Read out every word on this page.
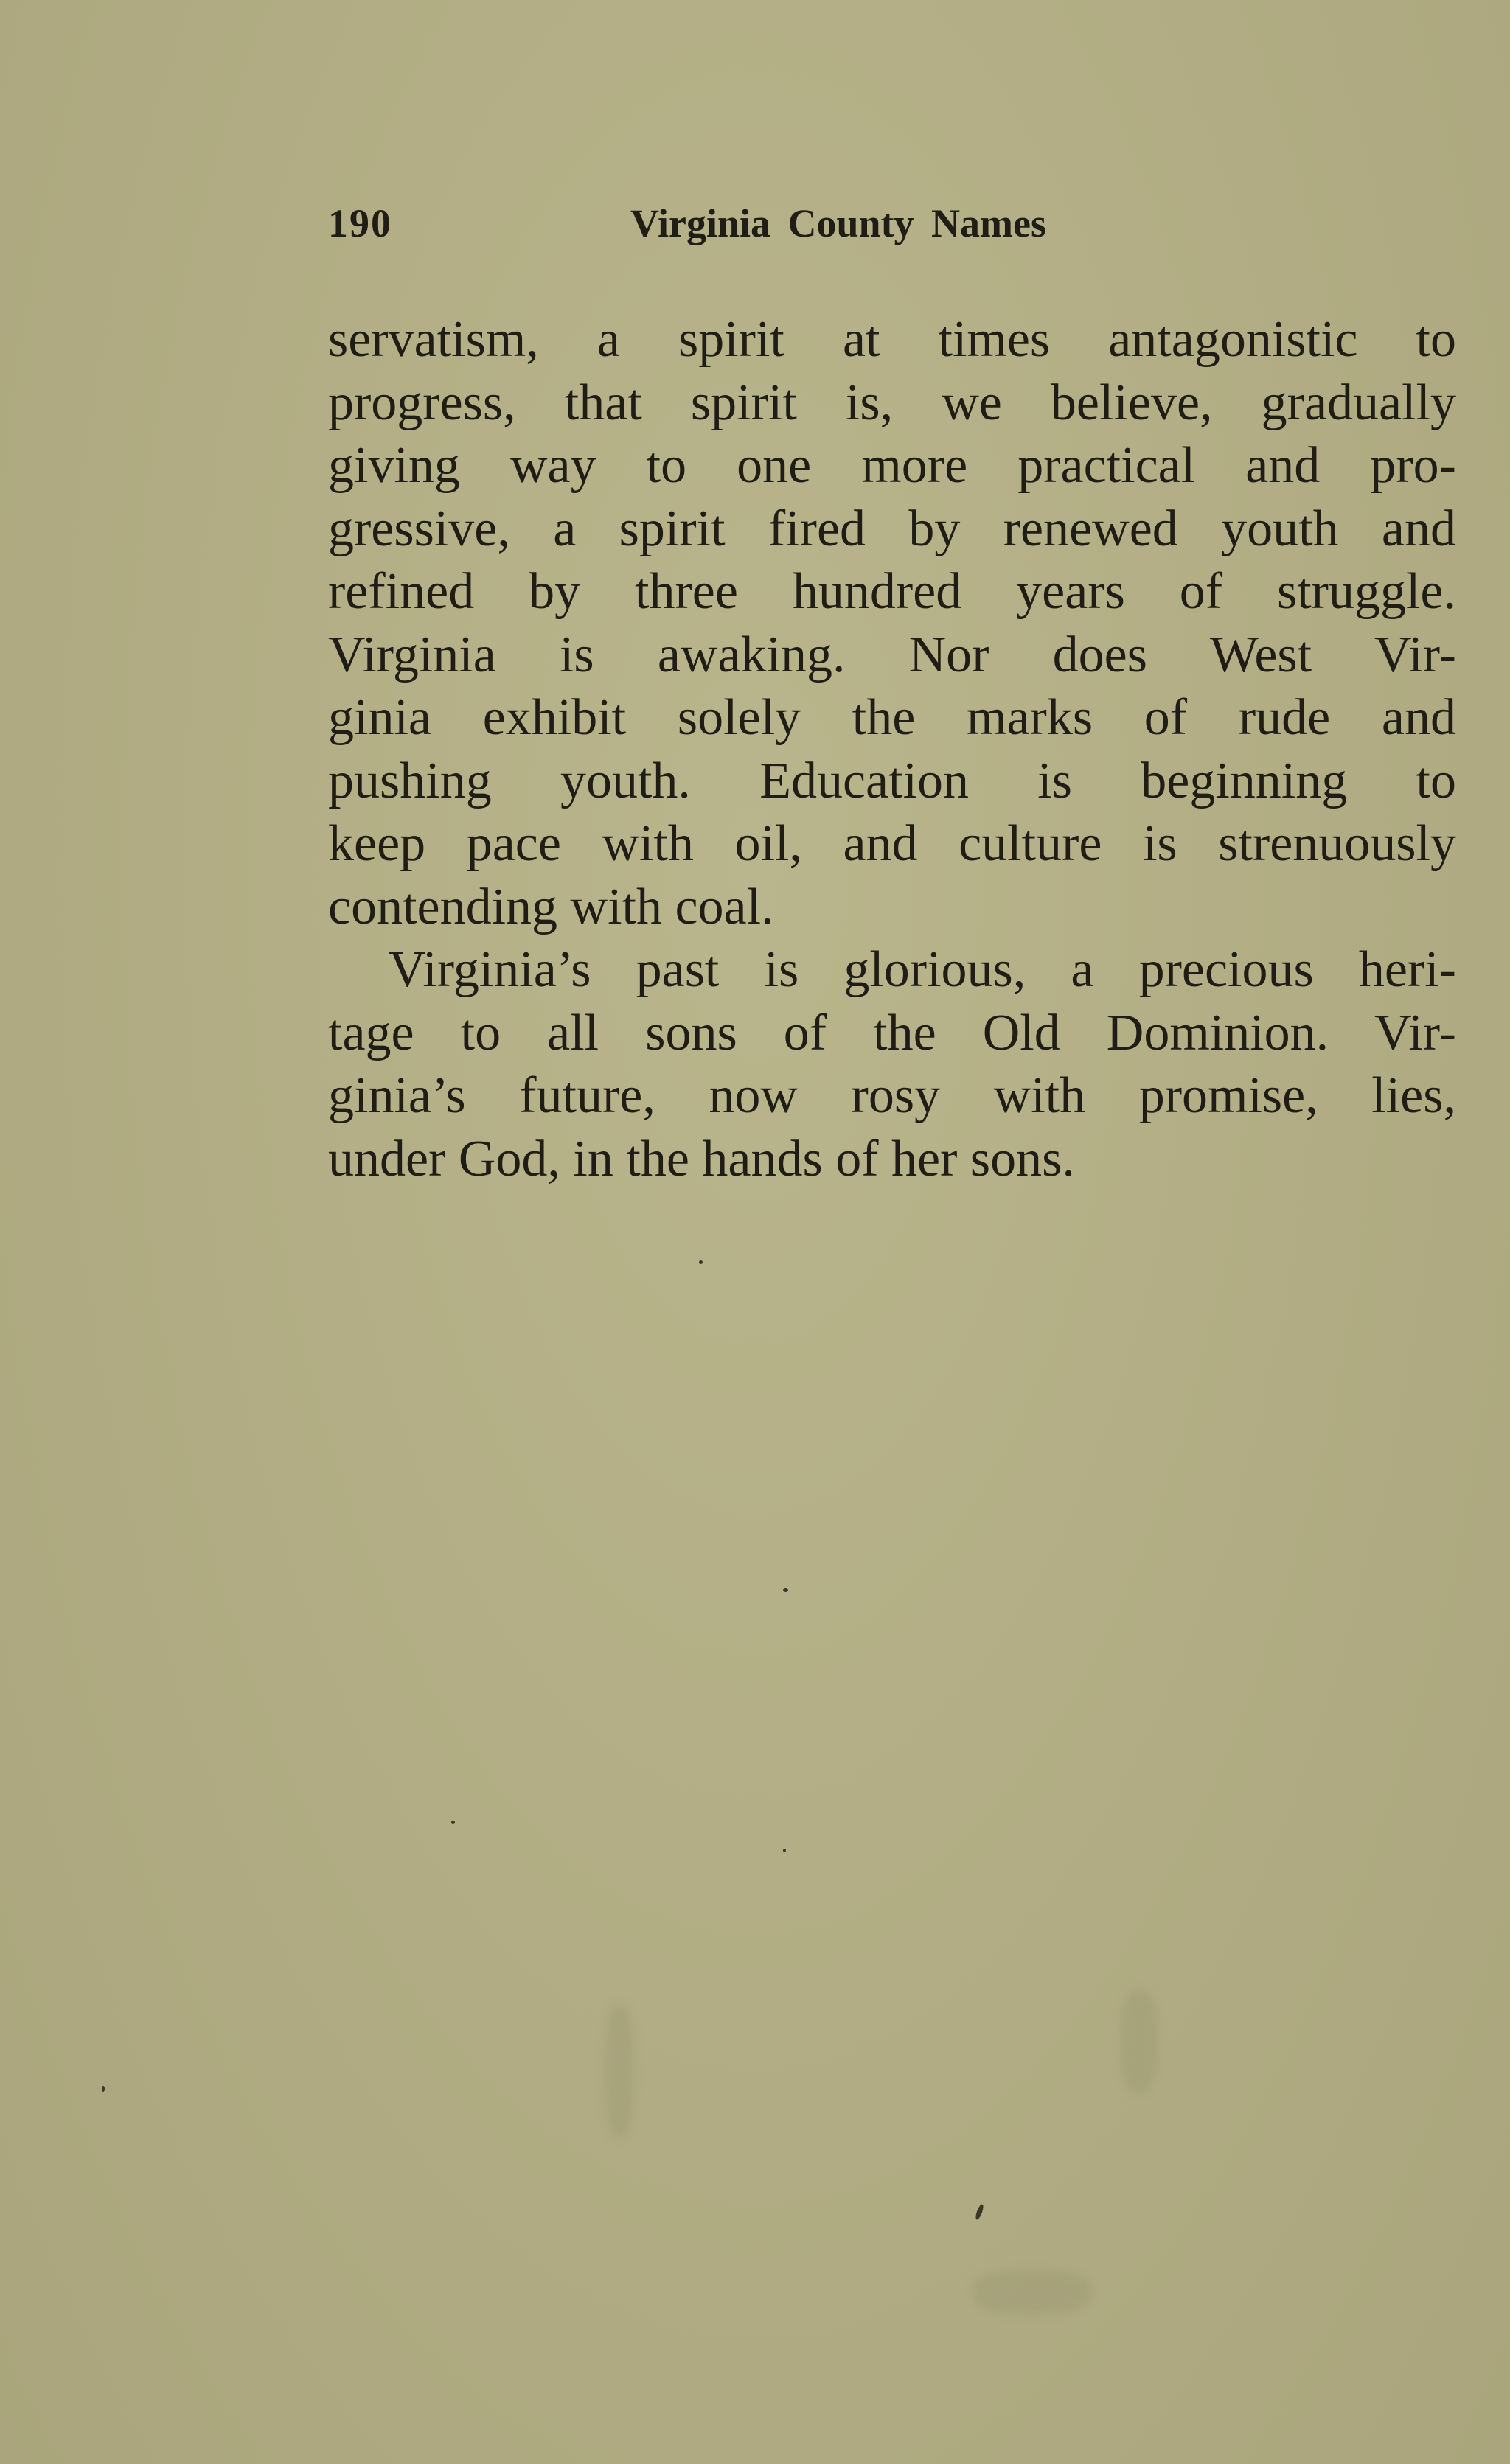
190	Virginia County Names
servatism, a spirit at times antagonistic to
progress, that spirit is, we believe, gradually
giving way to one more practical and pro-
gressive, a spirit fired by renewed youth and
refined by three hundred years of struggle.
Virginia is awaking. Nor does West Vir-
ginia exhibit solely the marks of rude and
pushing youth. Education is beginning to
keep pace with oil, and culture is strenuously
contending with coal.
Virginia’s past is glorious, a precious heri-
tage to all sons of the Old Dominion. Vir-
ginia’s future, now rosy with promise, lies,
under God, in the hands of her sons.
